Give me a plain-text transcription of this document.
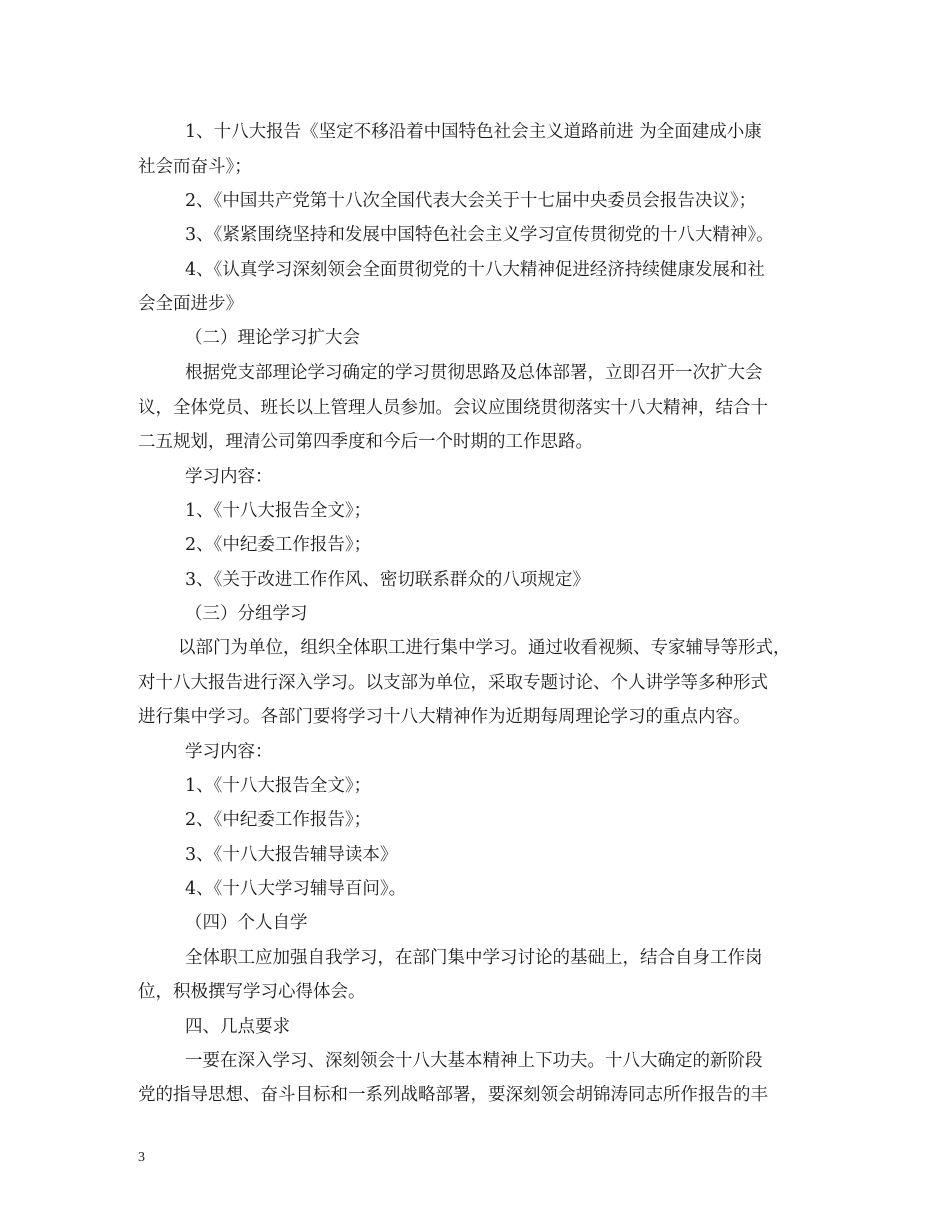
1、十八大报告《坚定不移沿着中国特色社会主义道路前进 为全面建成小康
社会而奋斗》；
2、《中国共产党第十八次全国代表大会关于十七届中央委员会报告决议》；
3、《紧紧围绕坚持和发展中国特色社会主义学习宣传贯彻党的十八大精神》。
4、《认真学习深刻领会全面贯彻党的十八大精神促进经济持续健康发展和社
会全面进步》
（二）理论学习扩大会
根据党支部理论学习确定的学习贯彻思路及总体部署，立即召开一次扩大会
议，全体党员、班长以上管理人员参加。会议应围绕贯彻落实十八大精神，结合十
二五规划，理清公司第四季度和今后一个时期的工作思路。
学习内容：
1、《十八大报告全文》；
2、《中纪委工作报告》；
3、《关于改进工作作风、密切联系群众的八项规定》
（三）分组学习
以部门为单位，组织全体职工进行集中学习。通过收看视频、专家辅导等形式，
对十八大报告进行深入学习。以支部为单位，采取专题讨论、个人讲学等多种形式
进行集中学习。各部门要将学习十八大精神作为近期每周理论学习的重点内容。
学习内容：
1、《十八大报告全文》；
2、《中纪委工作报告》；
3、《十八大报告辅导读本》
4、《十八大学习辅导百问》。
（四）个人自学
全体职工应加强自我学习，在部门集中学习讨论的基础上，结合自身工作岗
位，积极撰写学习心得体会。
四、几点要求
一要在深入学习、深刻领会十八大基本精神上下功夫。十八大确定的新阶段
党的指导思想、奋斗目标和一系列战略部署，要深刻领会胡锦涛同志所作报告的丰
3
